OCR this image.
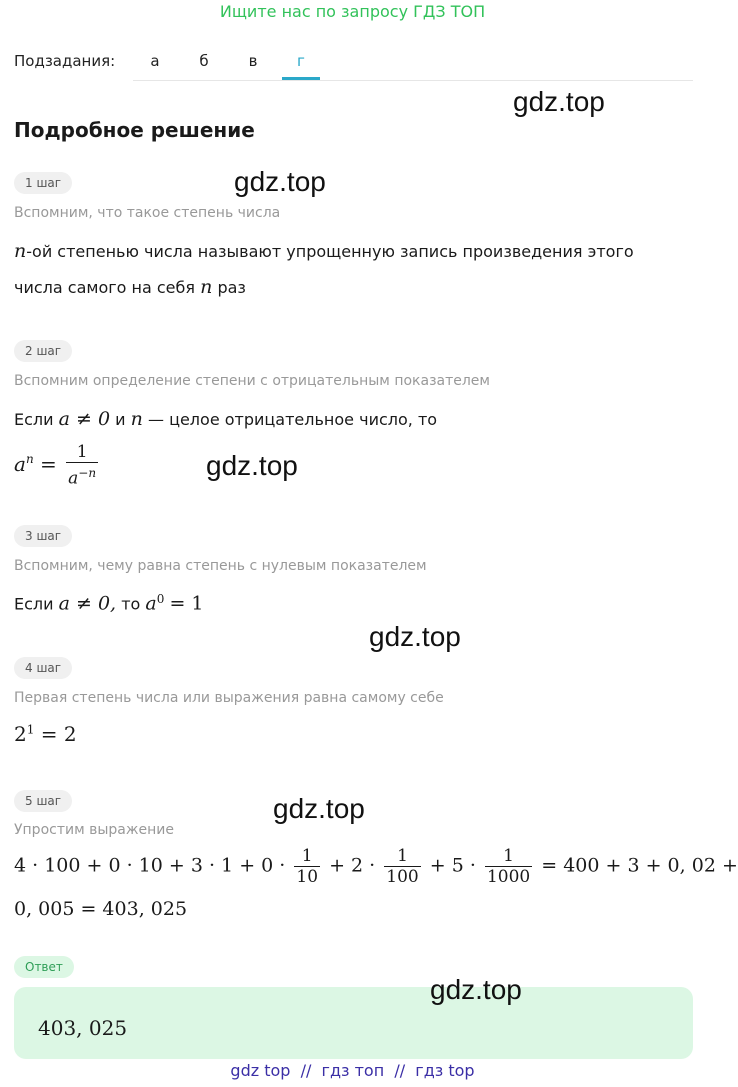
Ищите нас по запросу ГДЗ ТОП
Подзадания:	а	б	в	г
Подробное решение
1 шаг
Вспомним, что такое степень числа
n-ой степенью числа называют упрощенную запись произведения этого
числа самого на себя n раз
2 шаг
Вспомним определение степени с отрицательным показателем
Если a ≠ 0 и n — целое отрицательное число, то
$a^n = \frac{1}{a^{-n}}$
3 шаг
Вспомним, чему равна степень с нулевым показателем
Если a ≠ 0, то $a^0 = 1$
4 шаг
Первая степень числа или выражения равна самому себе
$2^1 = 2$
5 шаг
Упростим выражение
$4 \cdot 100 + 0 \cdot 10 + 3 \cdot 1 + 0 \cdot \frac{1}{10} + 2 \cdot \frac{1}{100} + 5 \cdot \frac{1}{1000} = 400 + 3 + 0$, 02 +
0, 005 = 403, 025
Ответ
403, 025
gdz.top
gdz.top
gdz.top
gdz.top
gdz.top
gdz.top
gdz top  //  гдз топ  //  гдз top
